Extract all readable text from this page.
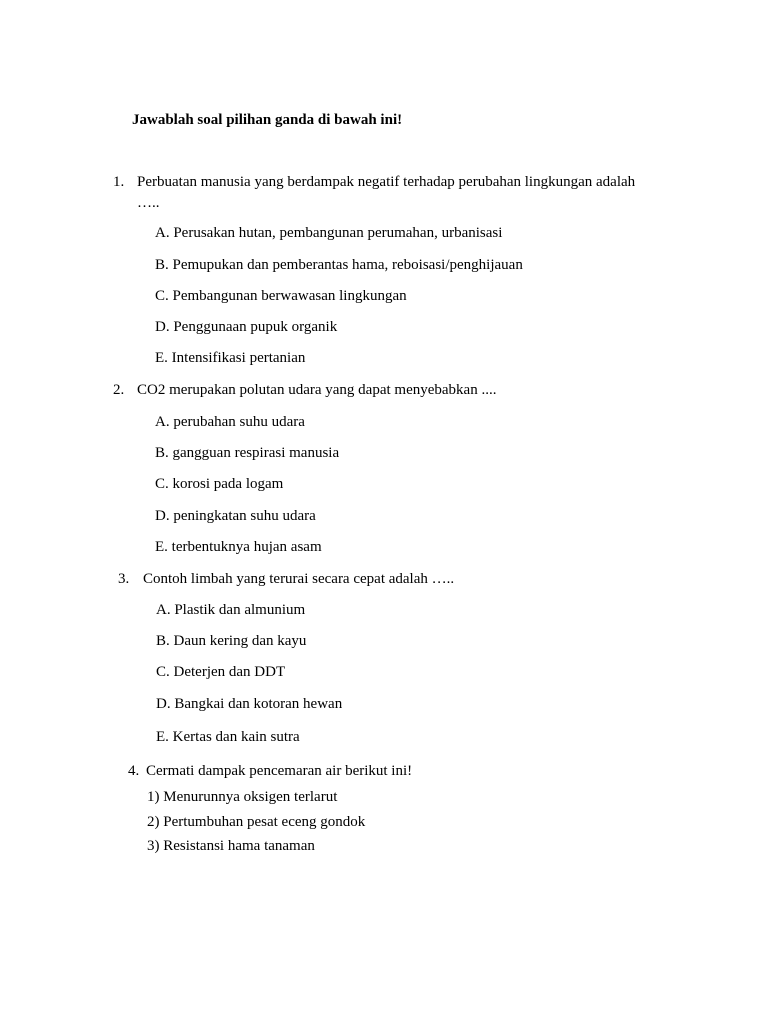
Jawablah soal pilihan ganda di bawah ini!
1. Perbuatan manusia yang berdampak negatif terhadap perubahan lingkungan adalah
…..
A. Perusakan hutan, pembangunan perumahan, urbanisasi
B. Pemupukan dan pemberantas hama, reboisasi/penghijauan
C. Pembangunan berwawasan lingkungan
D. Penggunaan pupuk organik
E. Intensifikasi pertanian
2. CO2 merupakan polutan udara yang dapat menyebabkan ....
A. perubahan suhu udara
B. gangguan respirasi manusia
C. korosi pada logam
D. peningkatan suhu udara
E. terbentuknya hujan asam
3. Contoh limbah yang terurai secara cepat adalah …..
A. Plastik dan almunium
B. Daun kering dan kayu
C. Deterjen dan DDT
D. Bangkai dan kotoran hewan
E. Kertas dan kain sutra
4. Cermati dampak pencemaran air berikut ini!
1) Menurunnya oksigen terlarut
2) Pertumbuhan pesat eceng gondok
3) Resistansi hama tanaman
